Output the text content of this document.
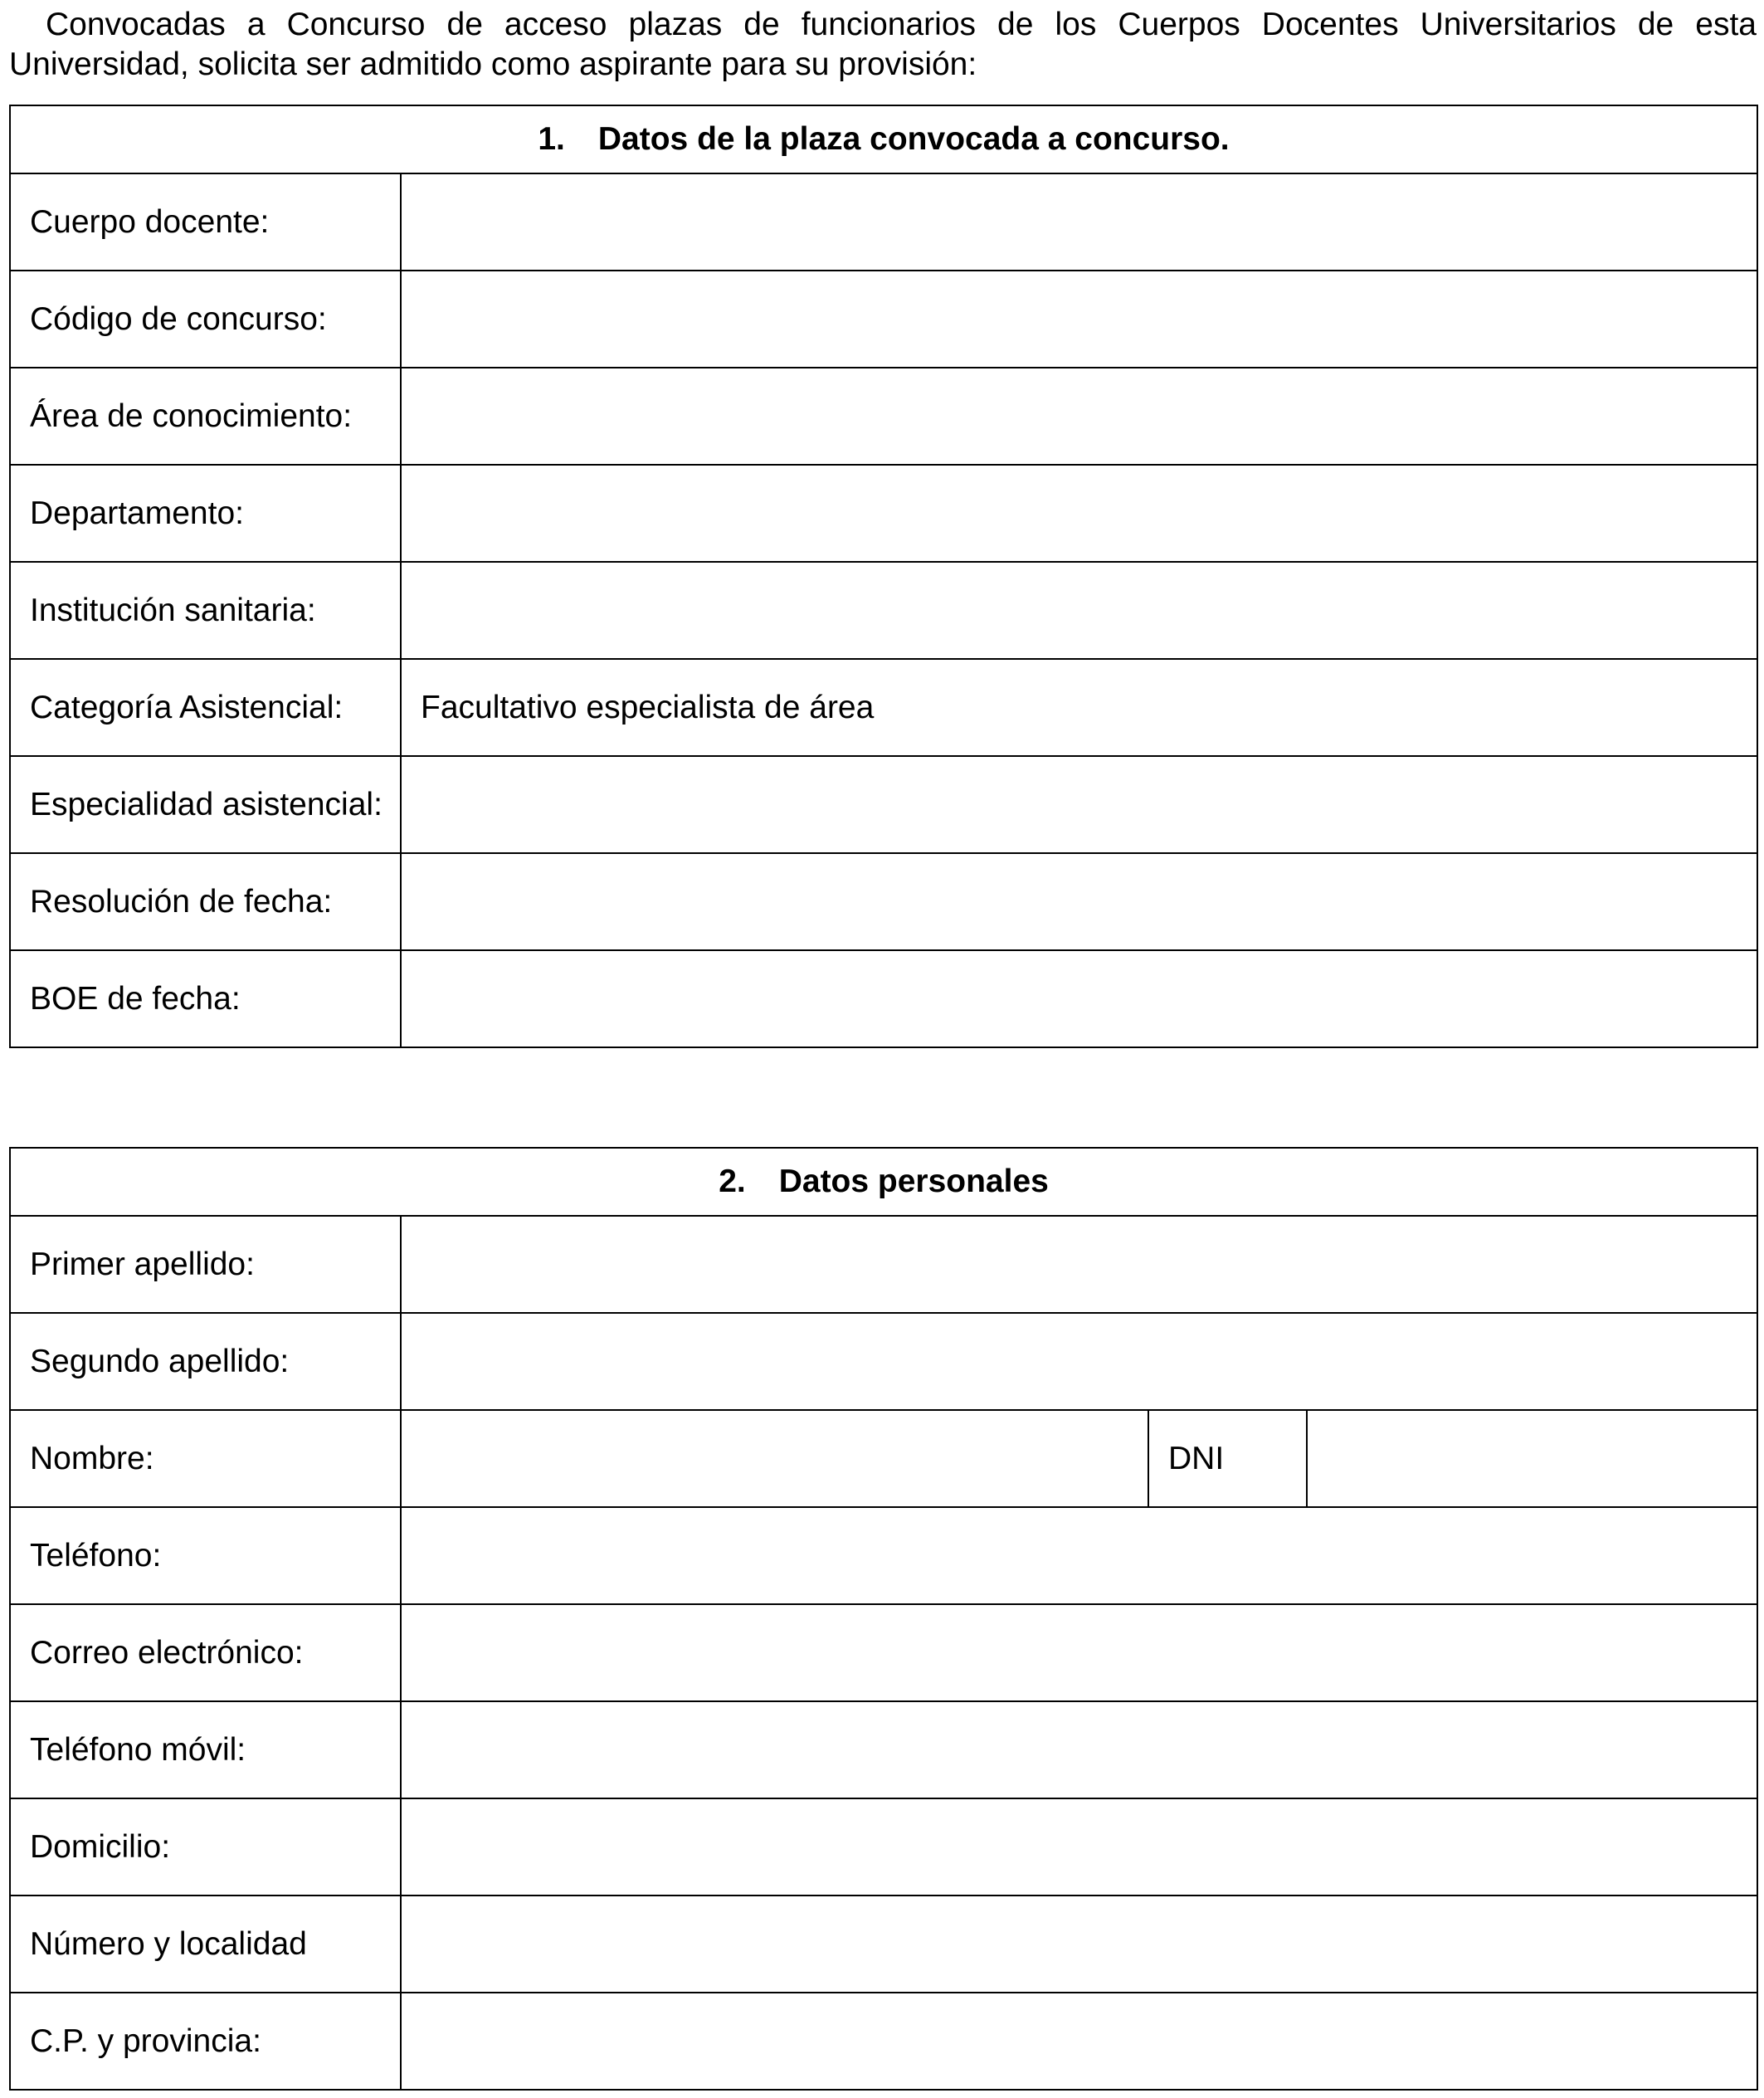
Convocadas a Concurso de acceso plazas de funcionarios de los Cuerpos Docentes Universitarios de esta Universidad, solicita ser admitido como aspirante para su provisión:

1. Datos de la plaza convocada a concurso.	
Cuerpo docente:	
Código de concurso:	
Área de conocimiento:	
Departamento:	
Institución sanitaria:	
Categoría Asistencial:	Facultativo especialista de área
Especialidad asistencial:	
Resolución de fecha:	
BOE de fecha:	
2. Datos personales			
Primer apellido:			
Segundo apellido:			
Nombre:		DNI	
Teléfono:			
Correo electrónico:			
Teléfono móvil:			
Domicilio:			
Número y localidad			
C.P. y provincia:			
